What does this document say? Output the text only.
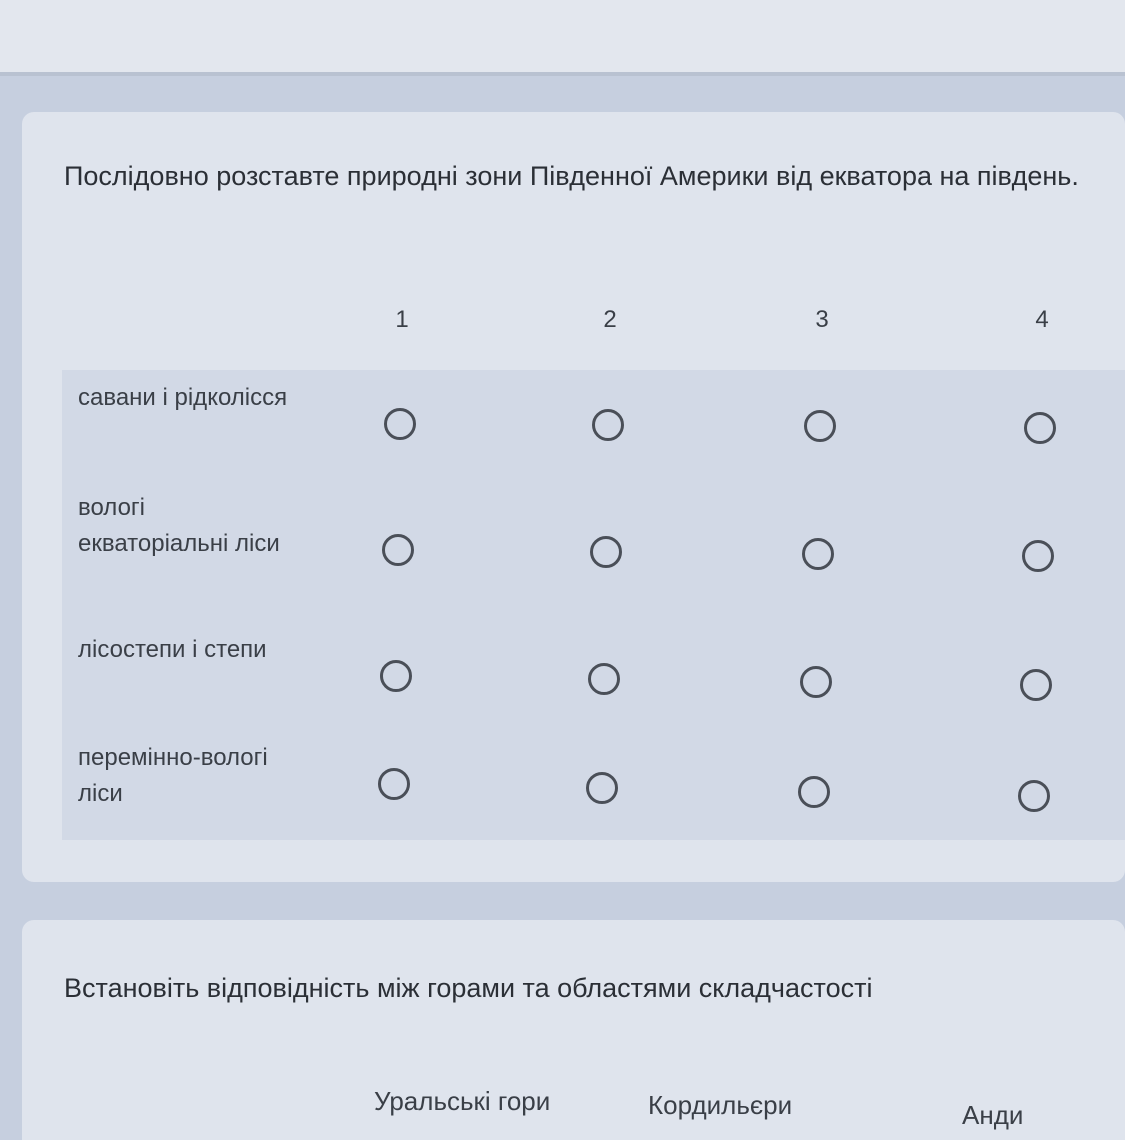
Послідовно розставте природні зони Південної Америки від екватора на південь.
1	2	3	4
савани і рідколісся
вологі екваторіальні ліси
лісостепи і степи
перемінно-вологі ліси
Встановіть відповідність між горами та областями складчастості
Уральські гори	Кордильєри	Анди
